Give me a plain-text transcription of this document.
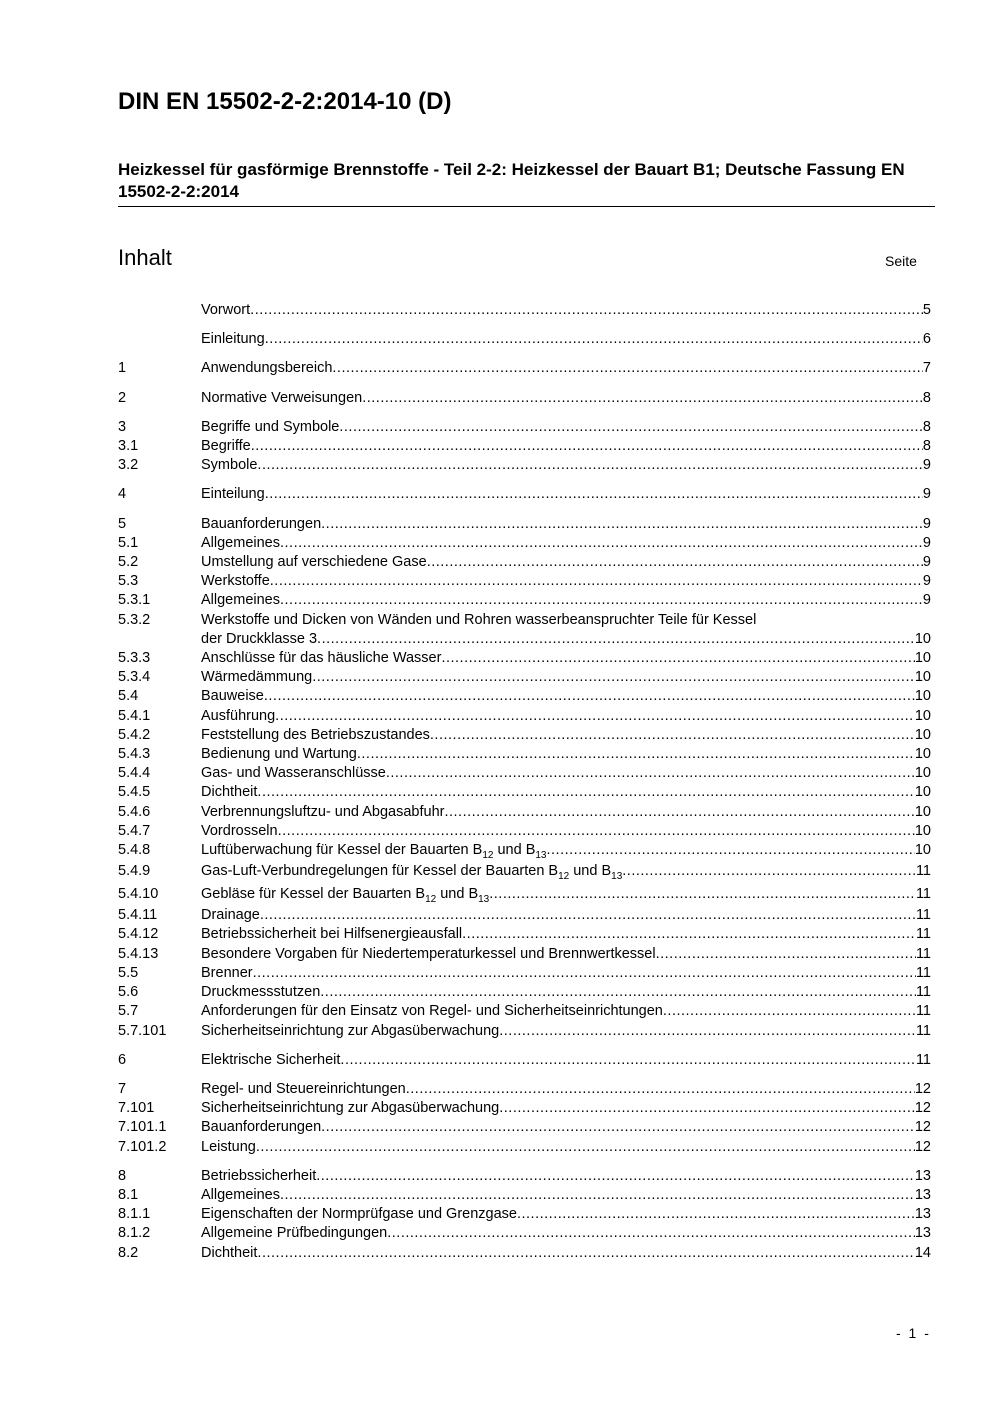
DIN EN 15502-2-2:2014-10 (D)
Heizkessel für gasförmige Brennstoffe - Teil 2-2: Heizkessel der Bauart B1; Deutsche Fassung EN 15502-2-2:2014
Inhalt	Seite
Vorwort .....	5
Einleitung .....	6
1	Anwendungsbereich .....	7
2	Normative Verweisungen .....	8
3	Begriffe und Symbole .....	8
3.1	Begriffe .....	8
3.2	Symbole .....	9
4	Einteilung .....	9
5	Bauanforderungen .....	9
5.1	Allgemeines .....	9
5.2	Umstellung auf verschiedene Gase .....	9
5.3	Werkstoffe .....	9
5.3.1	Allgemeines .....	9
5.3.2	Werkstoffe und Dicken von Wänden und Rohren wasserbeanspruchter Teile für Kessel
der Druckklasse 3 .....	10
5.3.3	Anschlüsse für das häusliche Wasser .....	10
5.3.4	Wärmedämmung .....	10
5.4	Bauweise .....	10
5.4.1	Ausführung .....	10
5.4.2	Feststellung des Betriebszustandes .....	10
5.4.3	Bedienung und Wartung .....	10
5.4.4	Gas- und Wasseranschlüsse .....	10
5.4.5	Dichtheit .....	10
5.4.6	Verbrennungsluftzu- und Abgasabfuhr .....	10
5.4.7	Vordrosseln .....	10
5.4.8	Luftüberwachung für Kessel der Bauarten $B_{12}$ und $B_{13}$ .....	10
5.4.9	Gas-Luft-Verbundregelungen für Kessel der Bauarten $B_{12}$ und $B_{13}$ .....	11
5.4.10	Gebläse für Kessel der Bauarten $B_{12}$ und $B_{13}$ .....	11
5.4.11	Drainage .....	11
5.4.12	Betriebssicherheit bei Hilfsenergieausfall .....	11
5.4.13	Besondere Vorgaben für Niedertemperaturkessel und Brennwertkessel .....	11
5.5	Brenner .....	11
5.6	Druckmessstutzen .....	11
5.7	Anforderungen für den Einsatz von Regel- und Sicherheitseinrichtungen .....	11
5.7.101	Sicherheitseinrichtung zur Abgasüberwachung .....	11
6	Elektrische Sicherheit .....	11
7	Regel- und Steuereinrichtungen .....	12
7.101	Sicherheitseinrichtung zur Abgasüberwachung .....	12
7.101.1	Bauanforderungen .....	12
7.101.2	Leistung .....	12
8	Betriebssicherheit .....	13
8.1	Allgemeines .....	13
8.1.1	Eigenschaften der Normprüfgase und Grenzgase .....	13
8.1.2	Allgemeine Prüfbedingungen .....	13
8.2	Dichtheit .....	14
- 1 -
